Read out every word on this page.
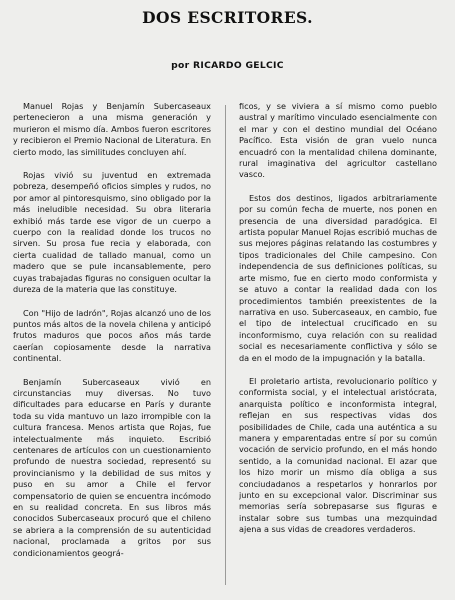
DOS ESCRITORES.
por RICARDO GELCIC

Manuel Rojas y Benjamín Subercaseaux pertenecieron a una misma generación y murieron el mismo día. Ambos fueron escritores y recibieron el Premio Nacional de Literatura. En cierto modo, las similitudes concluyen ahí.

Rojas vivió su juventud en extremada pobreza, desempeñó oficios simples y rudos, no por amor al pintoresquismo, sino obligado por la más ineludible necesidad. Su obra literaria exhibió más tarde ese vigor de un cuerpo a cuerpo con la realidad donde los trucos no sirven. Su prosa fue recia y elaborada, con cierta cualidad de tallado manual, como un madero que se pule incansablemente, pero cuyas trabajadas figuras no consiguen ocultar la dureza de la materia que las constituye.

Con "Hijo de ladrón", Rojas alcanzó uno de los puntos más altos de la novela chilena y anticipó frutos maduros que pocos años más tarde caerían copiosamente desde la narrativa continental.

Benjamín Subercaseaux vivió en circunstancias muy diversas. No tuvo dificultades para educarse en París y durante toda su vida mantuvo un lazo irrompible con la cultura francesa. Menos artista que Rojas, fue intelectualmente más inquieto. Escribió centenares de artículos con un cuestionamiento profundo de nuestra sociedad, representó su provincianismo y la debilidad de sus mitos y puso en su amor a Chile el fervor compensatorio de quien se encuentra incómodo en su realidad concreta. En sus libros más conocidos Subercaseaux procuró que el chileno se abriera a la comprensión de su autenticidad nacional, proclamada a gritos por sus condicionamientos geográ-

ficos, y se viviera a sí mismo como pueblo austral y marítimo vinculado esencialmente con el mar y con el destino mundial del Océano Pacífico. Esta visión de gran vuelo nunca encuadró con la mentalidad chilena dominante, rural imaginativa del agricultor castellano vasco.

Estos dos destinos, ligados arbitrariamente por su común fecha de muerte, nos ponen en presencia de una diversidad paradógica. El artista popular Manuel Rojas escribió muchas de sus mejores páginas relatando las costumbres y tipos tradicionales del Chile campesino. Con independencia de sus definiciones políticas, su arte mismo, fue en cierto modo conformista y se atuvo a contar la realidad dada con los procedimientos también preexistentes de la narrativa en uso. Subercaseaux, en cambio, fue el tipo de intelectual crucificado en su inconformismo, cuya relación con su realidad social es necesariamente conflictiva y sólo se da en el modo de la impugnación y la batalla.

El proletario artista, revolucionario político y conformista social, y el intelectual aristócrata, anarquista político e inconformista integral, reflejan en sus respectivas vidas dos posibilidades de Chile, cada una auténtica a su manera y emparentadas entre sí por su común vocación de servicio profundo, en el más hondo sentido, a la comunidad nacional. El azar que los hizo morir un mismo día obliga a sus conciudadanos a respetarlos y honrarlos por junto en su excepcional valor. Discriminar sus memorias sería sobrepasarse sus figuras e instalar sobre sus tumbas una mezquindad ajena a sus vidas de creadores verdaderos.
